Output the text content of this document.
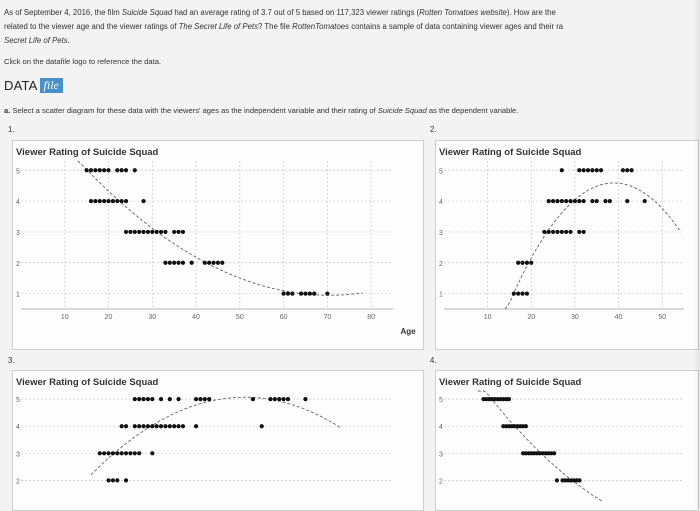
As of September 4, 2016, the film Suicide Squad had an average rating of 3.7 out of 5 based on 117,323 viewer ratings (Rotten Tomatoes website). How are the
related to the viewer age and the viewer ratings of The Secret Life of Pets? The file RottenTomatoes contains a sample of data containing viewer ages and their ra
Secret Life of Pets.
Click on the datafile logo to reference the data.
DATA file
a. Select a scatter diagram for these data with the viewers' ages as the independent variable and their rating of Suicide Squad as the dependent variable.
1.	2.
3.	4.
Viewer Rating of Suicide Squad
1
2
3
4
5
10	20	30	40	50	60	70	80
Age
Viewer Rating of Suicide Squad
1
2
3
4
5
10	20	30	40	50
Viewer Rating of Suicide Squad
2
3
4
5
Viewer Rating of Suicide Squad
2
3
4
5
